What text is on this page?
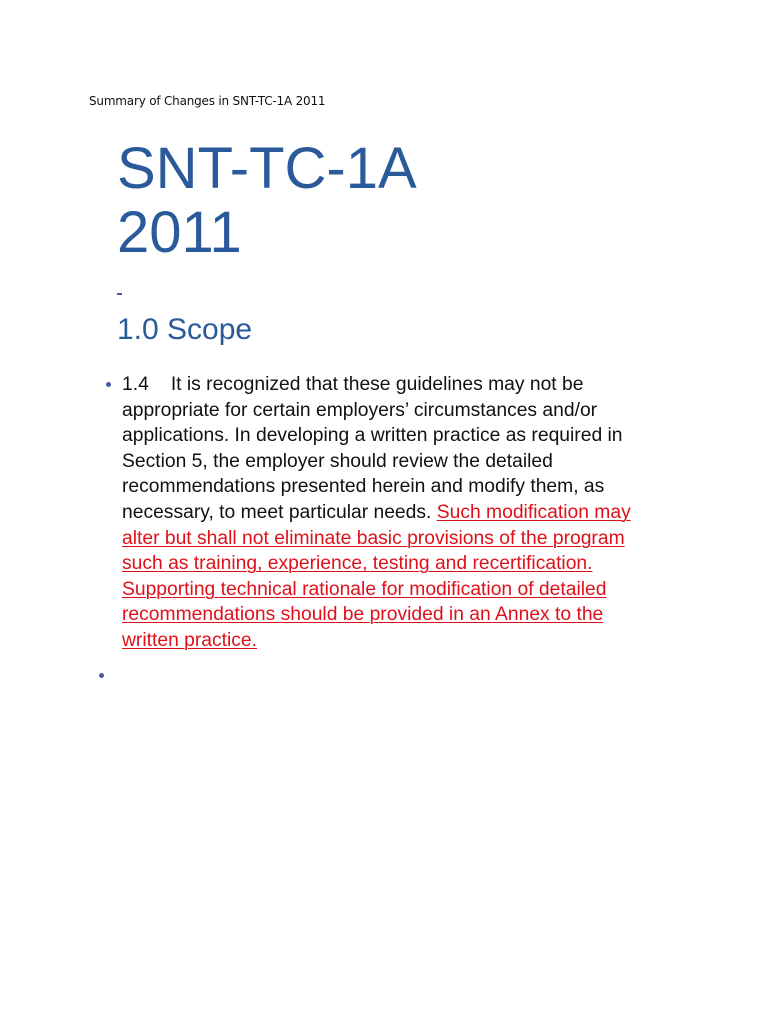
Summary of Changes in SNT-TC-1A 2011
SNT-TC-1A
2011
1.0 Scope

1.4 It is recognized that these guidelines may not be appropriate for certain employers’ circumstances and/or applications. In developing a written practice as required in Section 5, the employer should review the detailed recommendations presented herein and modify them, as necessary, to meet particular needs. Such modification may alter but shall not eliminate basic provisions of the program such as training, experience, testing and recertification. Supporting technical rationale for modification of detailed recommendations should be provided in an Annex to the written practice.
